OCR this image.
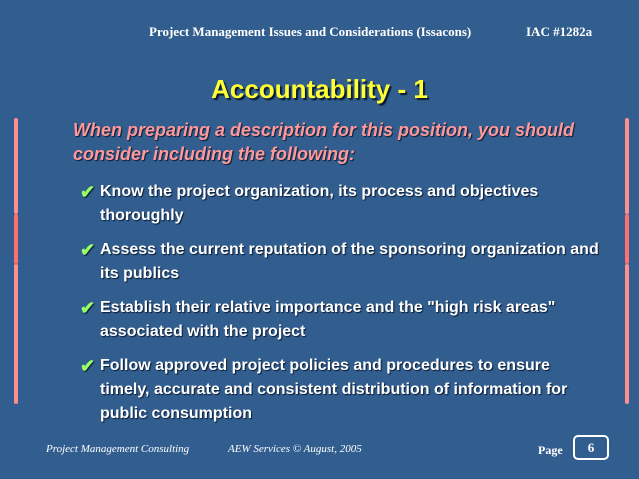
Project Management Issues and Considerations (Issacons)	IAC #1282a
Accountability - 1
When preparing a description for this position, you should consider including the following:
✔ Know the project organization, its process and objectives thoroughly
✔ Assess the current reputation of the sponsoring organization and its publics
✔ Establish their relative importance and the "high risk areas" associated with the project
✔ Follow approved project policies and procedures to ensure timely, accurate and consistent distribution of information for public consumption
Project Management Consulting	AEW Services © August, 2005	Page	6
